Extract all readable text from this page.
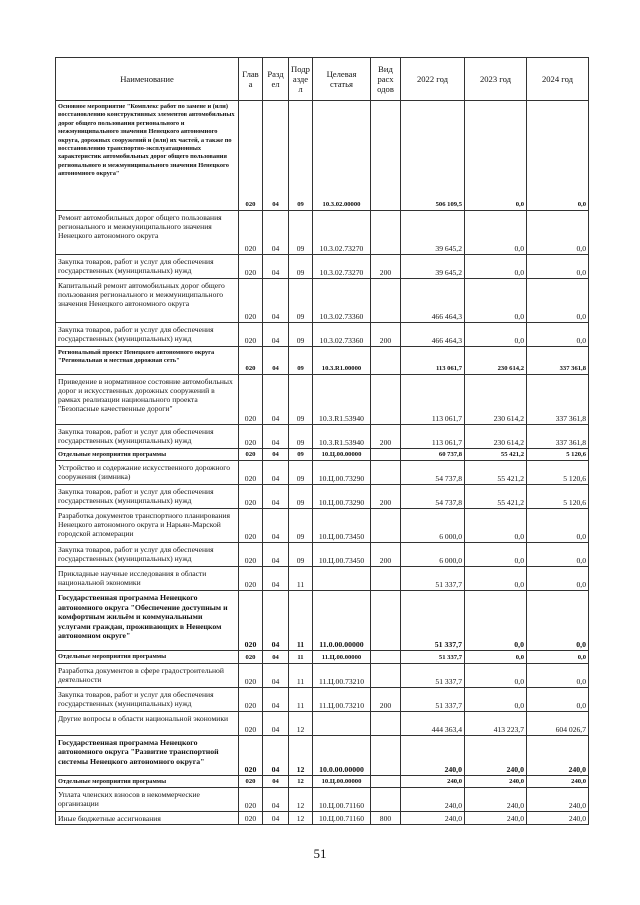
Наименование	Глав а	Разд ел	Подр азде л	Целевая статья	Вид расх одов	2022 год	2023 год	2024 год
Основное мероприятие "Комплекс работ по замене и (или) восстановлению конструктивных элементов автомобильных дорог общего пользования регионального и межмуниципального значения Ненецкого автономного округа, дорожных сооружений и (или) их частей, а также по восстановлению транспортно-эксплуатационных характеристик автомобильных дорог общего пользования регионального и межмуниципального значения Ненецкого автономного округа"	020	04	09	10.3.02.00000		506 109,5	0,0	0,0
Ремонт автомобильных дорог общего пользования регионального и межмуниципального значения Ненецкого автономного округа	020	04	09	10.3.02.73270		39 645,2	0,0	0,0
Закупка товаров, работ и услуг для обеспечения государственных (муниципальных) нужд	020	04	09	10.3.02.73270	200	39 645,2	0,0	0,0
Капитальный ремонт автомобильных дорог общего пользования регионального и межмуниципального значения Ненецкого автономного округа	020	04	09	10.3.02.73360		466 464,3	0,0	0,0
Закупка товаров, работ и услуг для обеспечения государственных (муниципальных) нужд	020	04	09	10.3.02.73360	200	466 464,3	0,0	0,0
Региональный проект Ненецкого автономного округа "Региональная и местная дорожная сеть"	020	04	09	10.3.R1.00000		113 061,7	230 614,2	337 361,8
Приведение в нормативное состояние автомобильных дорог и искусственных дорожных сооружений в рамках реализации национального проекта "Безопасные качественные дороги"	020	04	09	10.3.R1.53940		113 061,7	230 614,2	337 361,8
Закупка товаров, работ и услуг для обеспечения государственных (муниципальных) нужд	020	04	09	10.3.R1.53940	200	113 061,7	230 614,2	337 361,8
Отдельные мероприятия программы	020	04	09	10.Ц.00.00000		60 737,8	55 421,2	5 120,6
Устройство и содержание искусственного дорожного сооружения (зимника)	020	04	09	10.Ц.00.73290		54 737,8	55 421,2	5 120,6
Закупка товаров, работ и услуг для обеспечения государственных (муниципальных) нужд	020	04	09	10.Ц.00.73290	200	54 737,8	55 421,2	5 120,6
Разработка документов транспортного планирования Ненецкого автономного округа и Нарьян-Марской городской агломерации	020	04	09	10.Ц.00.73450		6 000,0	0,0	0,0
Закупка товаров, работ и услуг для обеспечения государственных (муниципальных) нужд	020	04	09	10.Ц.00.73450	200	6 000,0	0,0	0,0
Прикладные научные исследования в области национальной экономики	020	04	11			51 337,7	0,0	0,0
Государственная программа Ненецкого автономного округа "Обеспечение доступным и комфортным жильём и коммунальными услугами граждан, проживающих в Ненецком автономном округе"	020	04	11	11.0.00.00000		51 337,7	0,0	0,0
Отдельные мероприятия программы	020	04	11	11.Ц.00.00000		51 337,7	0,0	0,0
Разработка документов в сфере градостроительной деятельности	020	04	11	11.Ц.00.73210		51 337,7	0,0	0,0
Закупка товаров, работ и услуг для обеспечения государственных (муниципальных) нужд	020	04	11	11.Ц.00.73210	200	51 337,7	0,0	0,0
Другие вопросы в области национальной экономики	020	04	12			444 363,4	413 223,7	604 026,7
Государственная программа Ненецкого автономного округа "Развитие транспортной системы Ненецкого автономного округа"	020	04	12	10.0.00.00000		240,0	240,0	240,0
Отдельные мероприятия программы	020	04	12	10.Ц.00.00000		240,0	240,0	240,0
Уплата членских взносов в некоммерческие организации	020	04	12	10.Ц.00.71160		240,0	240,0	240,0
Иные бюджетные ассигнования	020	04	12	10.Ц.00.71160	800	240,0	240,0	240,0
51
